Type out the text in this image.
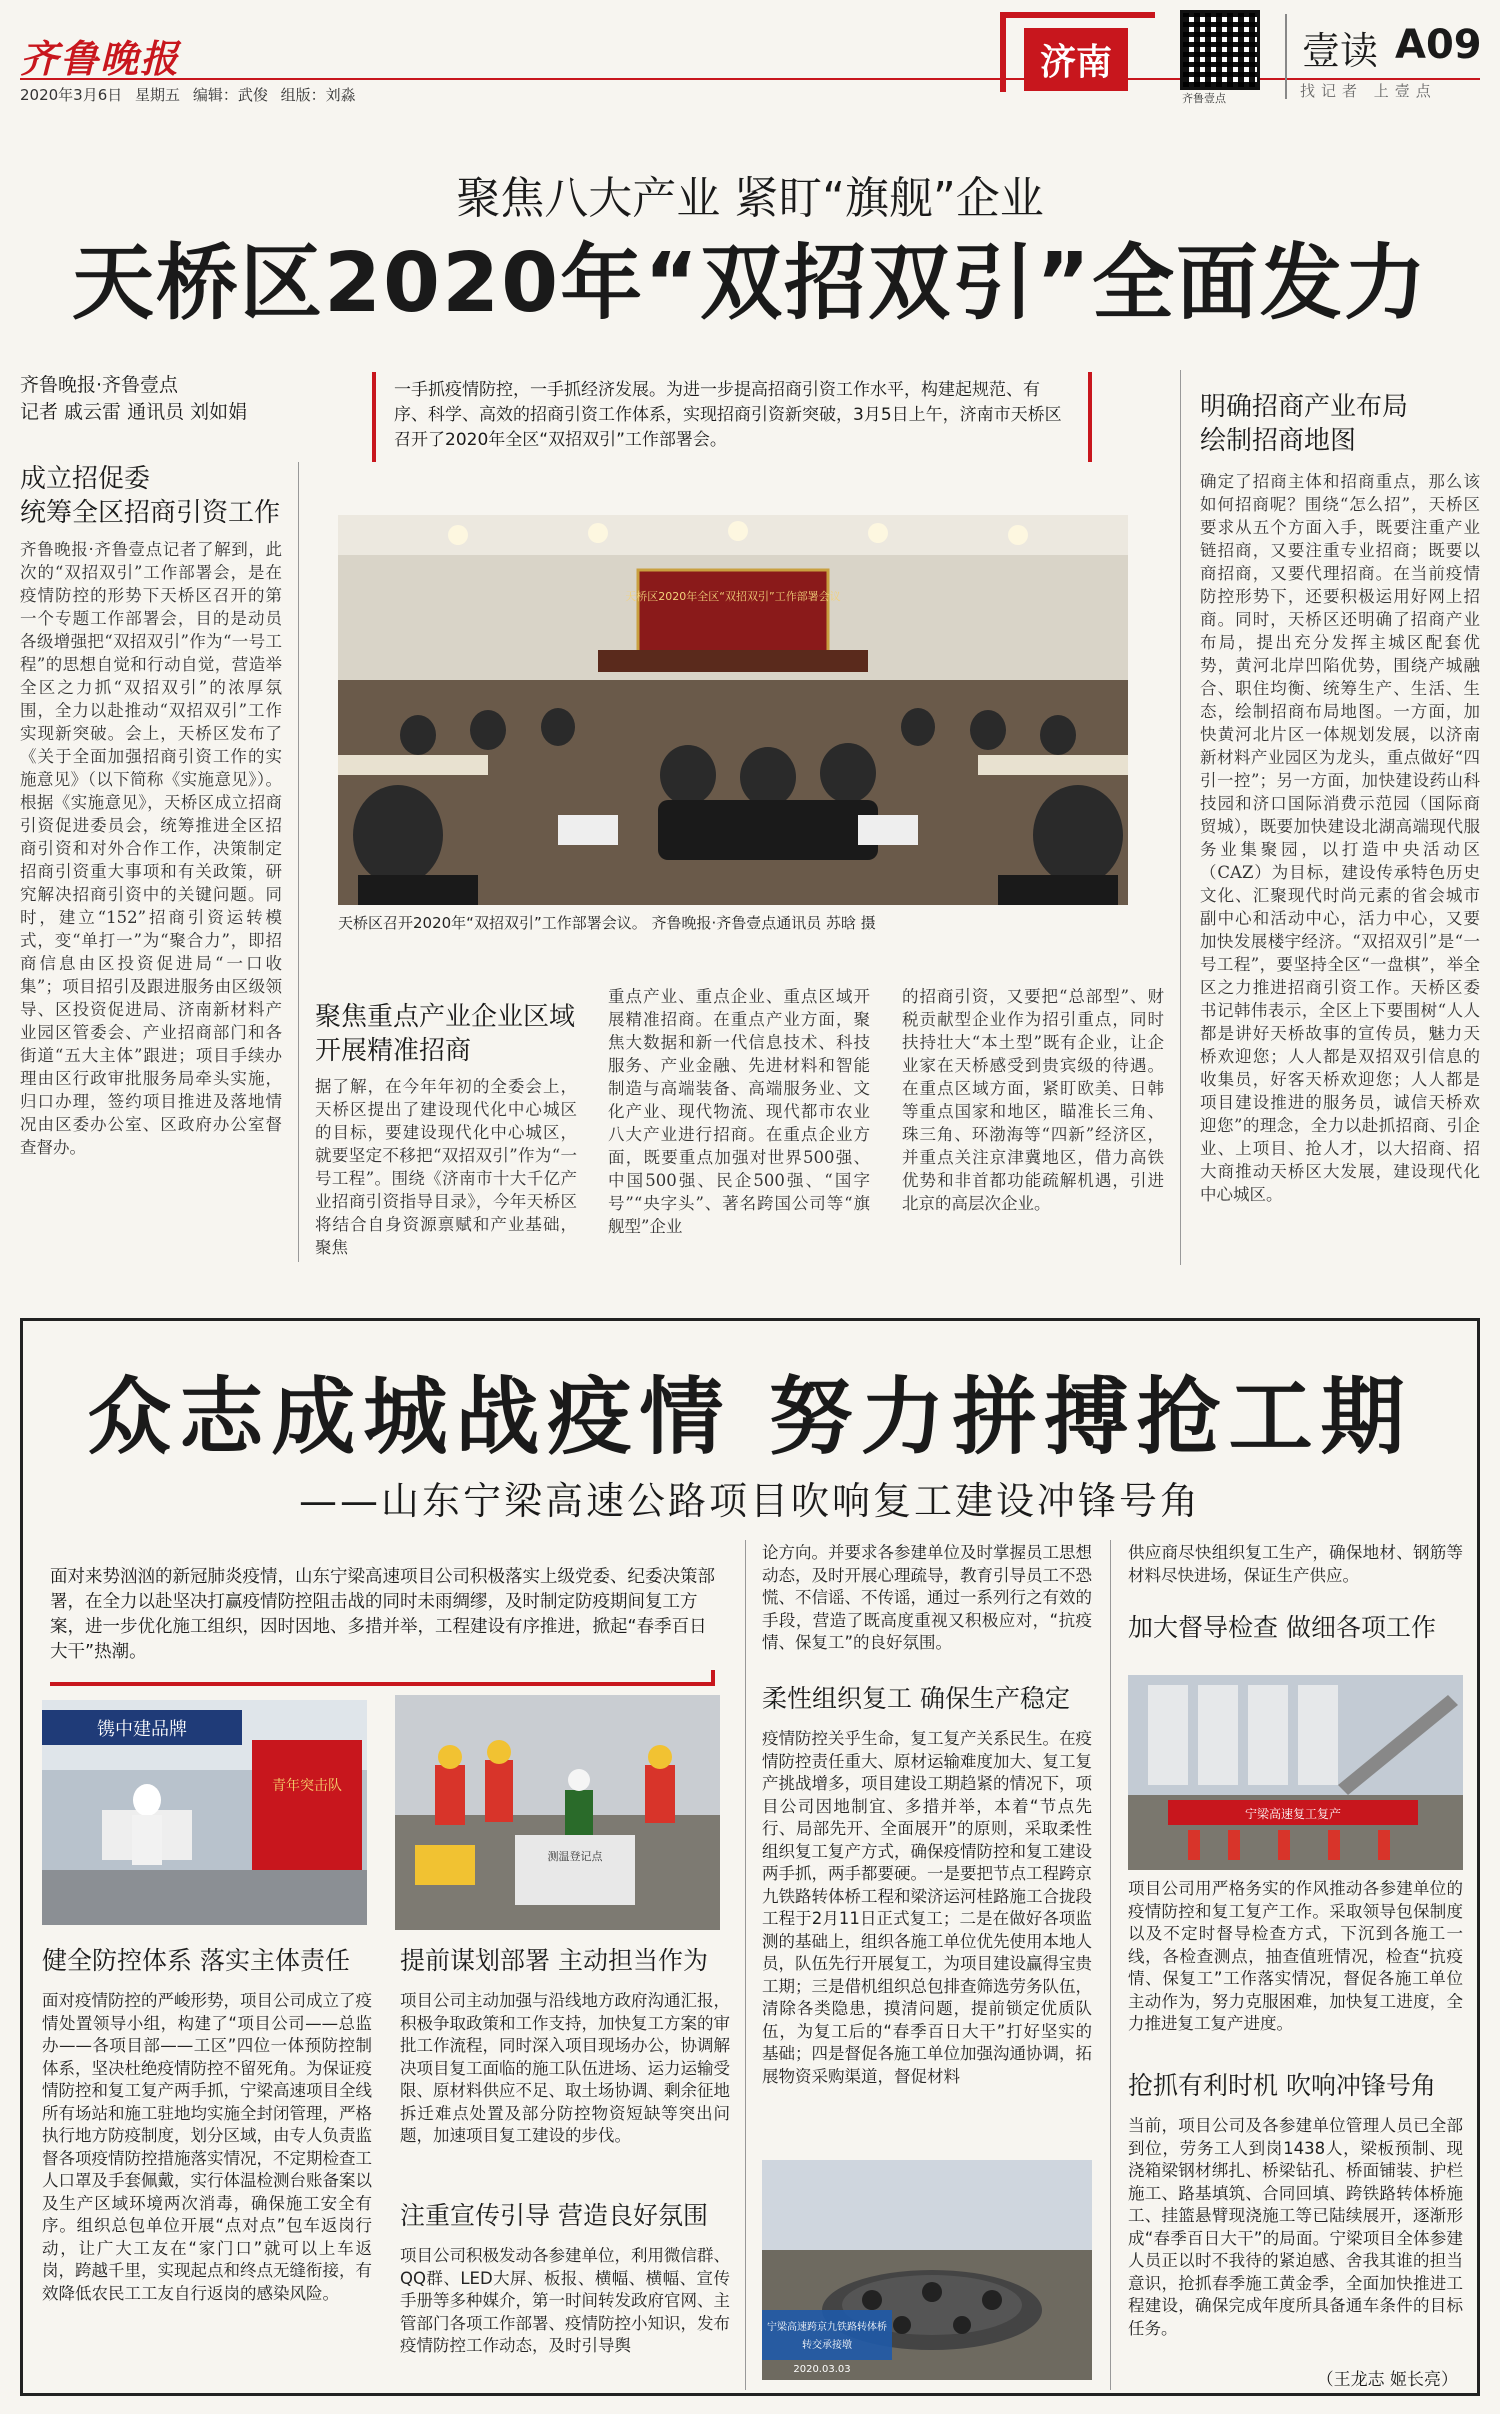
齐鲁晚报
2020年3月6日 星期五 编辑：武俊 组版：刘淼
济南
齐鲁壹点
壹读 A09
找记者 上壹点
聚焦八大产业 紧盯“旗舰”企业
天桥区2020年“双招双引”全面发力
齐鲁晚报·齐鲁壹点
记者 戚云雷 通讯员 刘如娟
一手抓疫情防控，一手抓经济发展。为进一步提高招商引资工作水平，构建起规范、有序、科学、高效的招商引资工作体系，实现招商引资新突破，3月5日上午，济南市天桥区召开了2020年全区“双招双引”工作部署会。
成立招促委
统筹全区招商引资工作
齐鲁晚报·齐鲁壹点记者了解到，此次的“双招双引”工作部署会，是在疫情防控的形势下天桥区召开的第一个专题工作部署会，目的是动员各级增强把“双招双引”作为“一号工程”的思想自觉和行动自觉，营造举全区之力抓“双招双引”的浓厚氛围，全力以赴推动“双招双引”工作实现新突破。会上，天桥区发布了《关于全面加强招商引资工作的实施意见》（以下简称《实施意见》）。根据《实施意见》，天桥区成立招商引资促进委员会，统筹推进全区招商引资和对外合作工作，决策制定招商引资重大事项和有关政策，研究解决招商引资中的关键问题。同时，建立“152”招商引资运转模式，变“单打一”为“聚合力”，即招商信息由区投资促进局“一口收集”；项目招引及跟进服务由区级领导、区投资促进局、济南新材料产业园区管委会、产业招商部门和各街道“五大主体”跟进；项目手续办理由区行政审批服务局牵头实施，归口办理，签约项目推进及落地情况由区委办公室、区政府办公室督查督办。
天桥区2020年全区“双招双引”工作部署会议
天桥区召开2020年“双招双引”工作部署会议。 齐鲁晚报·齐鲁壹点通讯员 苏晗 摄
聚焦重点产业企业区域
开展精准招商
据了解，在今年年初的全委会上，天桥区提出了建设现代化中心城区的目标，要建设现代化中心城区，就要坚定不移把“双招双引”作为“一号工程”。围绕《济南市十大千亿产业招商引资指导目录》，今年天桥区将结合自身资源禀赋和产业基础，聚焦
重点产业、重点企业、重点区域开展精准招商。在重点产业方面，聚焦大数据和新一代信息技术、科技服务、产业金融、先进材料和智能制造与高端装备、高端服务业、文化产业、现代物流、现代都市农业八大产业进行招商。在重点企业方面，既要重点加强对世界500强、中国500强、民企500强、“国字号”“央字头”、著名跨国公司等“旗舰型”企业
的招商引资，又要把“总部型”、财税贡献型企业作为招引重点，同时扶持壮大“本土型”既有企业，让企业家在天桥感受到贵宾级的待遇。在重点区域方面，紧盯欧美、日韩等重点国家和地区，瞄准长三角、珠三角、环渤海等“四新”经济区，并重点关注京津冀地区，借力高铁优势和非首都功能疏解机遇，引进北京的高层次企业。
明确招商产业布局
绘制招商地图
确定了招商主体和招商重点，那么该如何招商呢？围绕“怎么招”，天桥区要求从五个方面入手，既要注重产业链招商，又要注重专业招商；既要以商招商，又要代理招商。在当前疫情防控形势下，还要积极运用好网上招商。同时，天桥区还明确了招商产业布局，提出充分发挥主城区配套优势，黄河北岸凹陷优势，围绕产城融合、职住均衡、统筹生产、生活、生态，绘制招商布局地图。一方面，加快黄河北片区一体规划发展，以济南新材料产业园区为龙头，重点做好“四引一控”；另一方面，加快建设药山科技园和济口国际消费示范园（国际商贸城），既要加快建设北湖高端现代服务业集聚园，以打造中央活动区（CAZ）为目标，建设传承特色历史文化、汇聚现代时尚元素的省会城市副中心和活动中心，活力中心，又要加快发展楼宇经济。“双招双引”是“一号工程”，要坚持全区“一盘棋”，举全区之力推进招商引资工作。天桥区委书记韩伟表示，全区上下要围树“人人都是讲好天桥故事的宣传员，魅力天桥欢迎您；人人都是双招双引信息的收集员，好客天桥欢迎您；人人都是项目建设推进的服务员，诚信天桥欢迎您”的理念，全力以赴抓招商、引企业、上项目、抢人才，以大招商、招大商推动天桥区大发展，建设现代化中心城区。
众志成城战疫情 努力拼搏抢工期
——山东宁梁高速公路项目吹响复工建设冲锋号角
面对来势汹汹的新冠肺炎疫情，山东宁梁高速项目公司积极落实上级党委、纪委决策部署，在全力以赴坚决打赢疫情防控阻击战的同时未雨绸缪，及时制定防疫期间复工方案，进一步优化施工组织，因时因地、多措并举，工程建设有序推进，掀起“春季百日大干”热潮。
镌中建品牌
青年突击队
测温登记点
健全防控体系 落实主体责任
面对疫情防控的严峻形势，项目公司成立了疫情处置领导小组，构建了“项目公司——总监办——各项目部——工区”四位一体预防控制体系，坚决杜绝疫情防控不留死角。为保证疫情防控和复工复产两手抓，宁梁高速项目全线所有场站和施工驻地均实施全封闭管理，严格执行地方防疫制度，划分区域，由专人负责监督各项疫情防控措施落实情况，不定期检查工人口罩及手套佩戴，实行体温检测台账备案以及生产区域环境两次消毒，确保施工安全有序。组织总包单位开展“点对点”包车返岗行动，让广大工友在“家门口”就可以上车返岗，跨越千里，实现起点和终点无缝衔接，有效降低农民工工友自行返岗的感染风险。
提前谋划部署 主动担当作为
项目公司主动加强与沿线地方政府沟通汇报，积极争取政策和工作支持，加快复工方案的审批工作流程，同时深入项目现场办公，协调解决项目复工面临的施工队伍进场、运力运输受限、原材料供应不足、取土场协调、剩余征地拆迁难点处置及部分防控物资短缺等突出问题，加速项目复工建设的步伐。
注重宣传引导 营造良好氛围
项目公司积极发动各参建单位，利用微信群、QQ群、LED大屏、板报、横幅、横幅、宣传手册等多种媒介，第一时间转发政府官网、主管部门各项工作部署、疫情防控小知识，发布疫情防控工作动态，及时引导舆
论方向。并要求各参建单位及时掌握员工思想动态，及时开展心理疏导，教育引导员工不恐慌、不信谣、不传谣，通过一系列行之有效的手段，营造了既高度重视又积极应对，“抗疫情、保复工”的良好氛围。
柔性组织复工 确保生产稳定
疫情防控关乎生命，复工复产关系民生。在疫情防控责任重大、原材运输难度加大、复工复产挑战增多，项目建设工期趋紧的情况下，项目公司因地制宜、多措并举，本着“节点先行、局部先开、全面展开”的原则，采取柔性组织复工复产方式，确保疫情防控和复工建设两手抓，两手都要硬。一是要把节点工程跨京九铁路转体桥工程和梁济运河桂路施工合拢段工程于2月11日正式复工；二是在做好各项监测的基础上，组织各施工单位优先使用本地人员，队伍先行开展复工，为项目建设赢得宝贵工期；三是借机组织总包排查筛选劳务队伍，清除各类隐患，摸清问题，提前锁定优质队伍，为复工后的“春季百日大干”打好坚实的基础；四是督促各施工单位加强沟通协调，拓展物资采购渠道，督促材料
宁梁高速跨京九铁路转体桥
转交承接墩
2020.03.03
供应商尽快组织复工生产，确保地材、钢筋等材料尽快进场，保证生产供应。
加大督导检查 做细各项工作
宁梁高速复工复产
项目公司用严格务实的作风推动各参建单位的疫情防控和复工复产工作。采取领导包保制度以及不定时督导检查方式，下沉到各施工一线，各检查测点，抽查值班情况，检查“抗疫情、保复工”工作落实情况，督促各施工单位主动作为，努力克服困难，加快复工进度，全力推进复工复产进度。
抢抓有利时机 吹响冲锋号角
当前，项目公司及各参建单位管理人员已全部到位，劳务工人到岗1438人，梁板预制、现浇箱梁钢材绑扎、桥梁钻孔、桥面铺装、护栏施工、路基填筑、合同回填、跨铁路转体桥施工、挂篮悬臂现浇施工等已陆续展开，逐渐形成“春季百日大干”的局面。宁梁项目全体参建人员正以时不我待的紧迫感、舍我其谁的担当意识，抢抓春季施工黄金季，全面加快推进工程建设，确保完成年度所具备通车条件的目标任务。
（王龙志 姬长亮）
